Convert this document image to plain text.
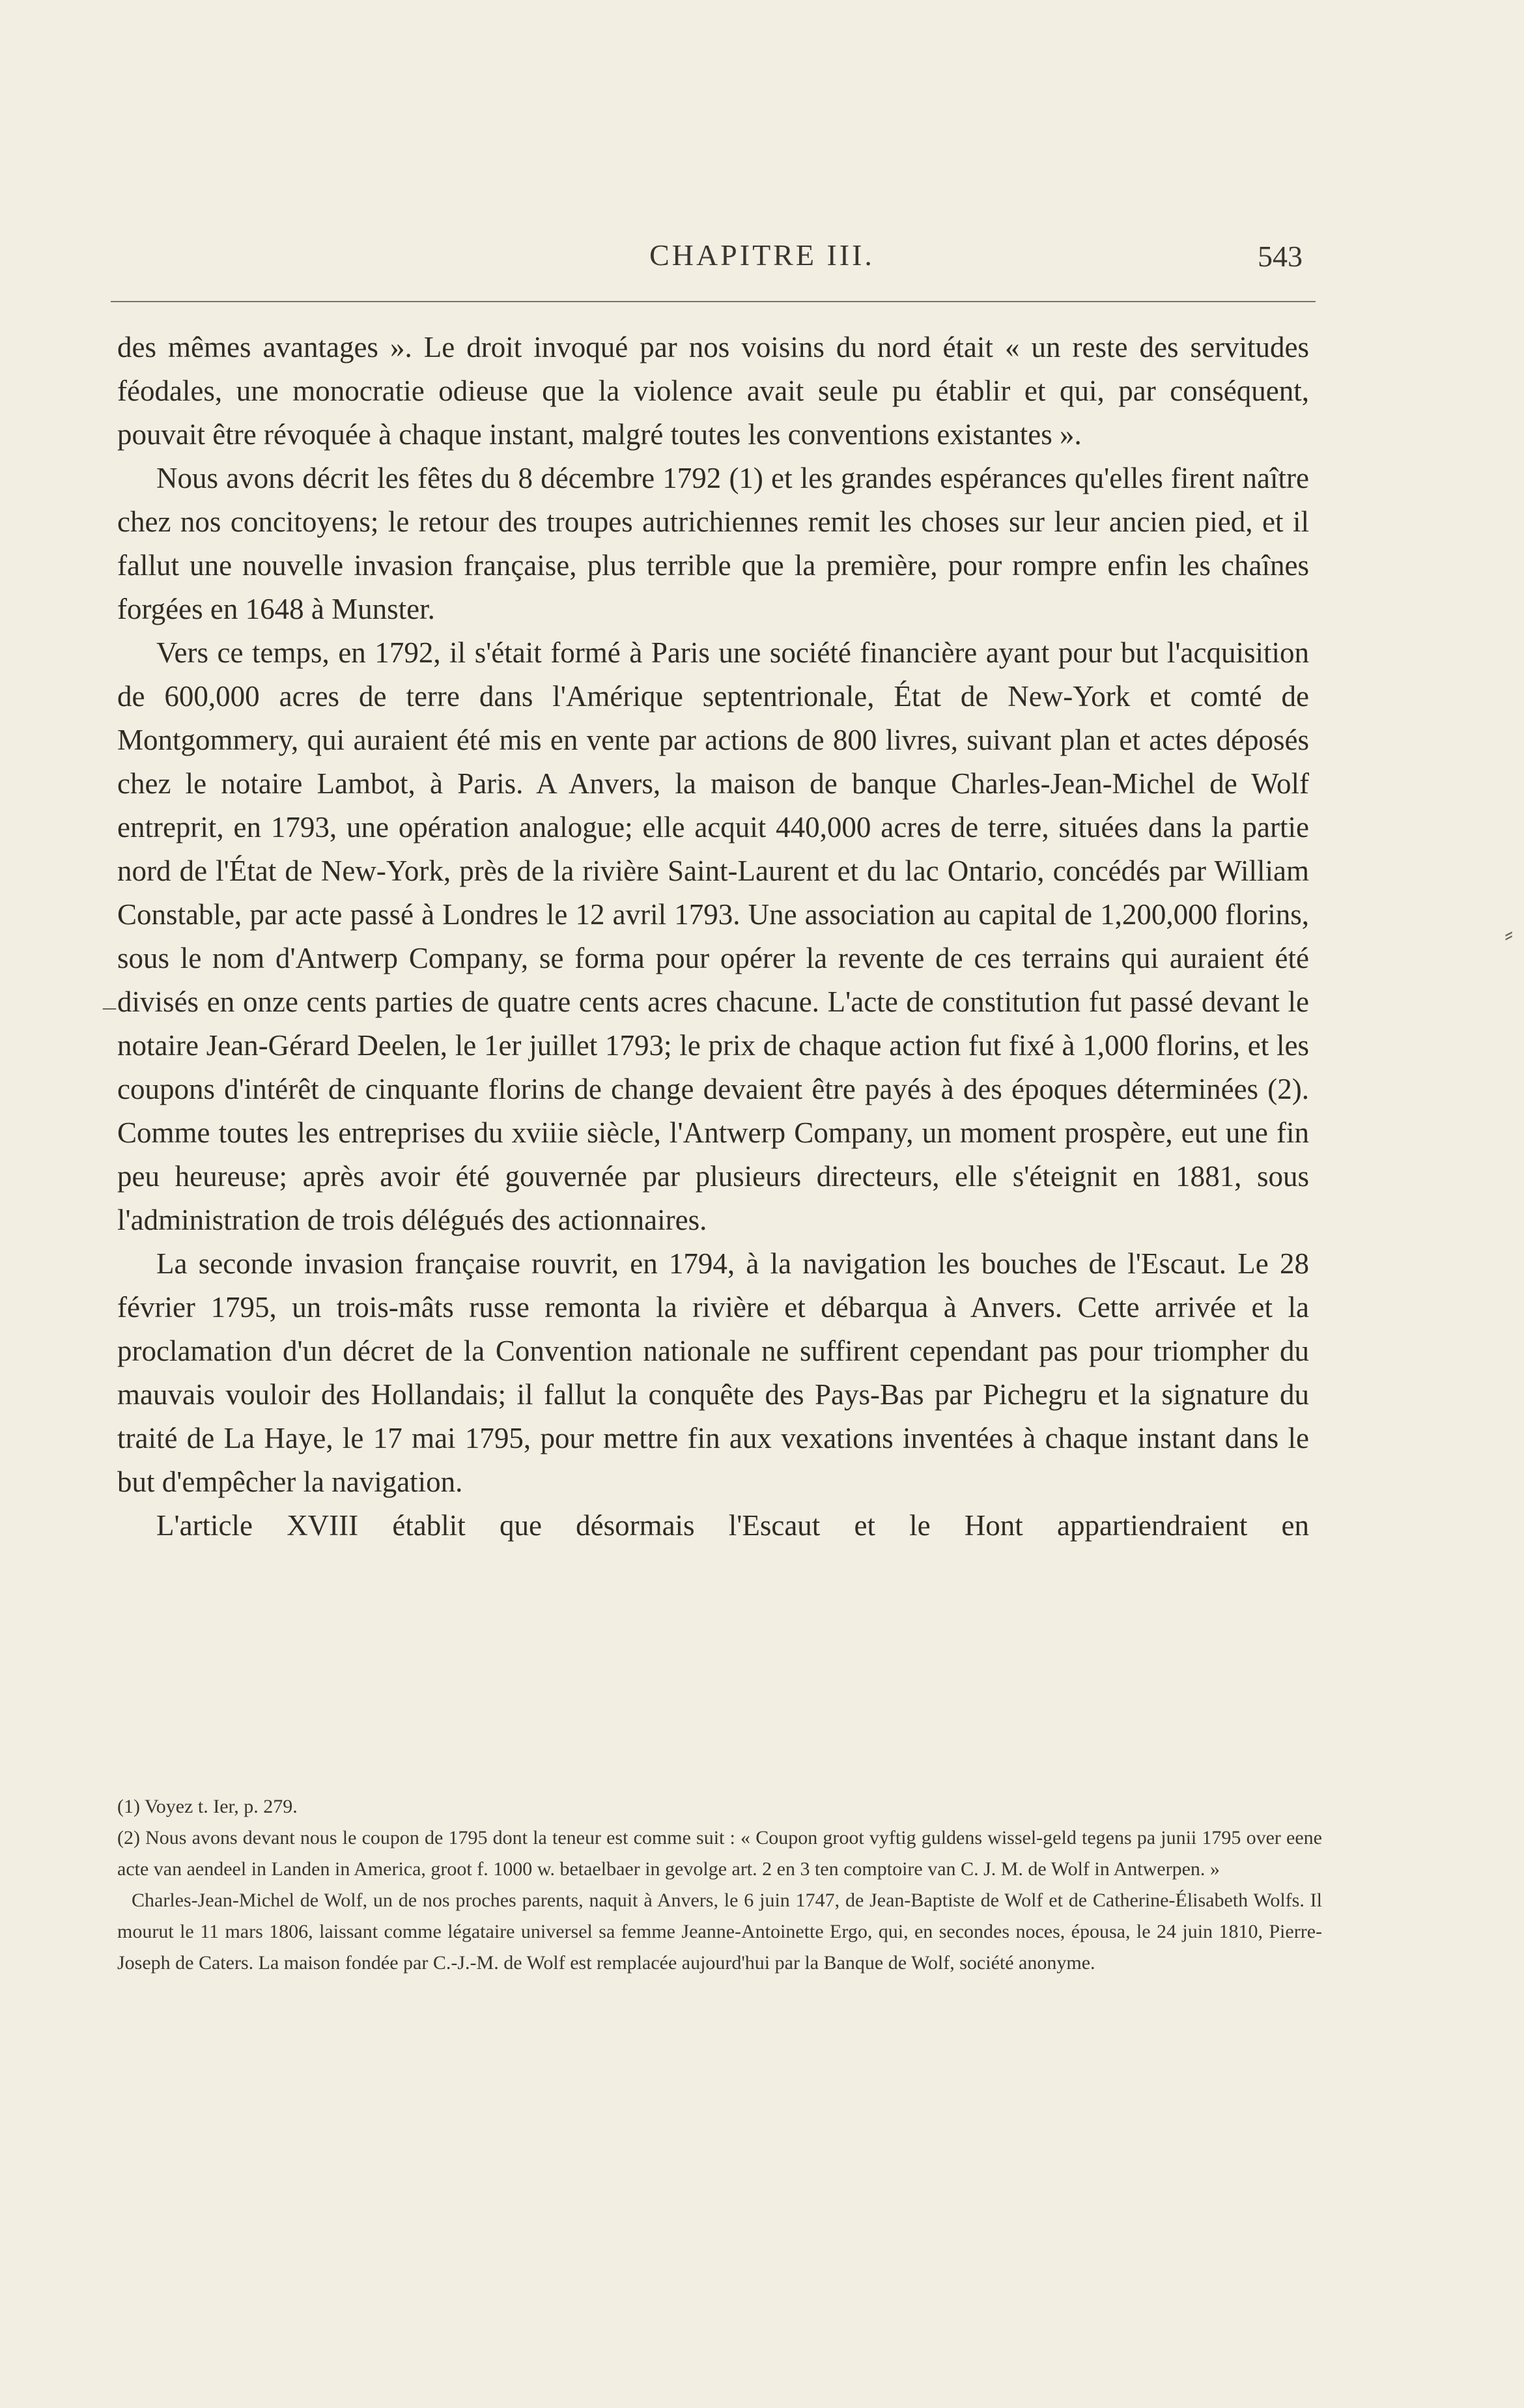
CHAPITRE III.	543

des mêmes avantages ». Le droit invoqué par nos voisins du nord était « un reste des servitudes féodales, une monocratie odieuse que la violence avait seule pu établir et qui, par conséquent, pouvait être révoquée à chaque instant, malgré toutes les conventions existantes ».

Nous avons décrit les fêtes du 8 décembre 1792 (1) et les grandes espérances qu'elles firent naître chez nos concitoyens; le retour des troupes autrichiennes remit les choses sur leur ancien pied, et il fallut une nouvelle invasion française, plus terrible que la première, pour rompre enfin les chaînes forgées en 1648 à Munster.

Vers ce temps, en 1792, il s'était formé à Paris une société financière ayant pour but l'acquisition de 600,000 acres de terre dans l'Amérique septentrionale, État de New-York et comté de Montgommery, qui auraient été mis en vente par actions de 800 livres, suivant plan et actes déposés chez le notaire Lambot, à Paris. A Anvers, la maison de banque Charles-Jean-Michel de Wolf entreprit, en 1793, une opération analogue; elle acquit 440,000 acres de terre, situées dans la partie nord de l'État de New-York, près de la rivière Saint-Laurent et du lac Ontario, concédés par William Constable, par acte passé à Londres le 12 avril 1793. Une association au capital de 1,200,000 florins, sous le nom d'Antwerp Company, se forma pour opérer la revente de ces terrains qui auraient été divisés en onze cents parties de quatre cents acres chacune. L'acte de constitution fut passé devant le notaire Jean-Gérard Deelen, le 1er juillet 1793; le prix de chaque action fut fixé à 1,000 florins, et les coupons d'intérêt de cinquante florins de change devaient être payés à des époques déterminées (2). Comme toutes les entreprises du xviiie siècle, l'Antwerp Company, un moment prospère, eut une fin peu heureuse; après avoir été gouvernée par plusieurs directeurs, elle s'éteignit en 1881, sous l'administration de trois délégués des actionnaires.

La seconde invasion française rouvrit, en 1794, à la navigation les bouches de l'Escaut. Le 28 février 1795, un trois-mâts russe remonta la rivière et débarqua à Anvers. Cette arrivée et la proclamation d'un décret de la Convention nationale ne suffirent cependant pas pour triompher du mauvais vouloir des Hollandais; il fallut la conquête des Pays-Bas par Pichegru et la signature du traité de La Haye, le 17 mai 1795, pour mettre fin aux vexations inventées à chaque instant dans le but d'empêcher la navigation.

L'article XVIII établit que désormais l'Escaut et le Hont appartiendraient en

(1) Voyez t. Ier, p. 279.

(2) Nous avons devant nous le coupon de 1795 dont la teneur est comme suit : « Coupon groot vyftig guldens wissel-geld tegens pa junii 1795 over eene acte van aendeel in Landen in America, groot f. 1000 w. betaelbaer in gevolge art. 2 en 3 ten comptoire van C. J. M. de Wolf in Antwerpen. »

Charles-Jean-Michel de Wolf, un de nos proches parents, naquit à Anvers, le 6 juin 1747, de Jean-Baptiste de Wolf et de Catherine-Élisabeth Wolfs. Il mourut le 11 mars 1806, laissant comme légataire universel sa femme Jeanne-Antoinette Ergo, qui, en secondes noces, épousa, le 24 juin 1810, Pierre-Joseph de Caters. La maison fondée par C.-J.-M. de Wolf est remplacée aujourd'hui par la Banque de Wolf, société anonyme.

_
⸗
